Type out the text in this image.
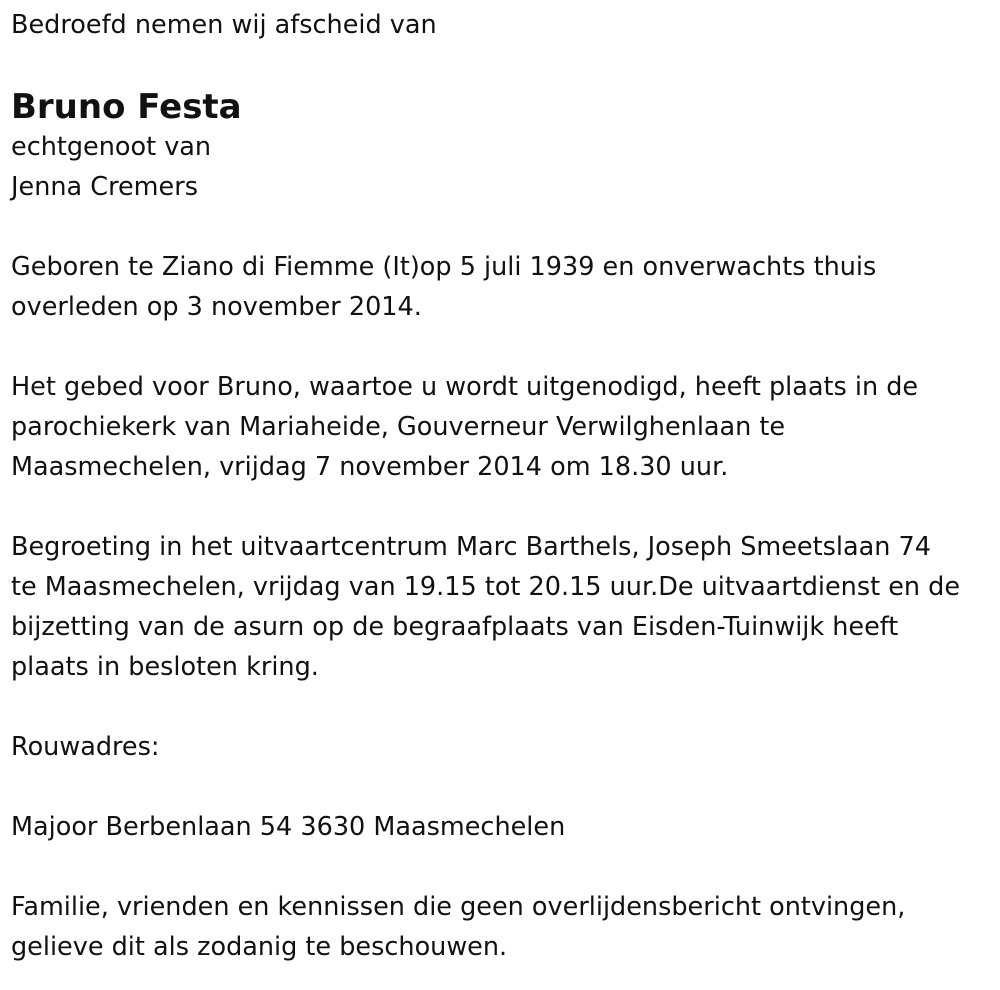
Bedroefd nemen wij afscheid van
Bruno Festa
echtgenoot van
Jenna Cremers
Geboren te Ziano di Fiemme (It)op 5 juli 1939 en onverwachts thuis
overleden op 3 november 2014.
Het gebed voor Bruno, waartoe u wordt uitgenodigd, heeft plaats in de
parochiekerk van Mariaheide, Gouverneur Verwilghenlaan te
Maasmechelen, vrijdag 7 november 2014 om 18.30 uur.
Begroeting in het uitvaartcentrum Marc Barthels, Joseph Smeetslaan 74
te Maasmechelen, vrijdag van 19.15 tot 20.15 uur.De uitvaartdienst en de
bijzetting van de asurn op de begraafplaats van Eisden-Tuinwijk heeft
plaats in besloten kring.
Rouwadres:
Majoor Berbenlaan 54 3630 Maasmechelen
Familie, vrienden en kennissen die geen overlijdensbericht ontvingen,
gelieve dit als zodanig te beschouwen.
